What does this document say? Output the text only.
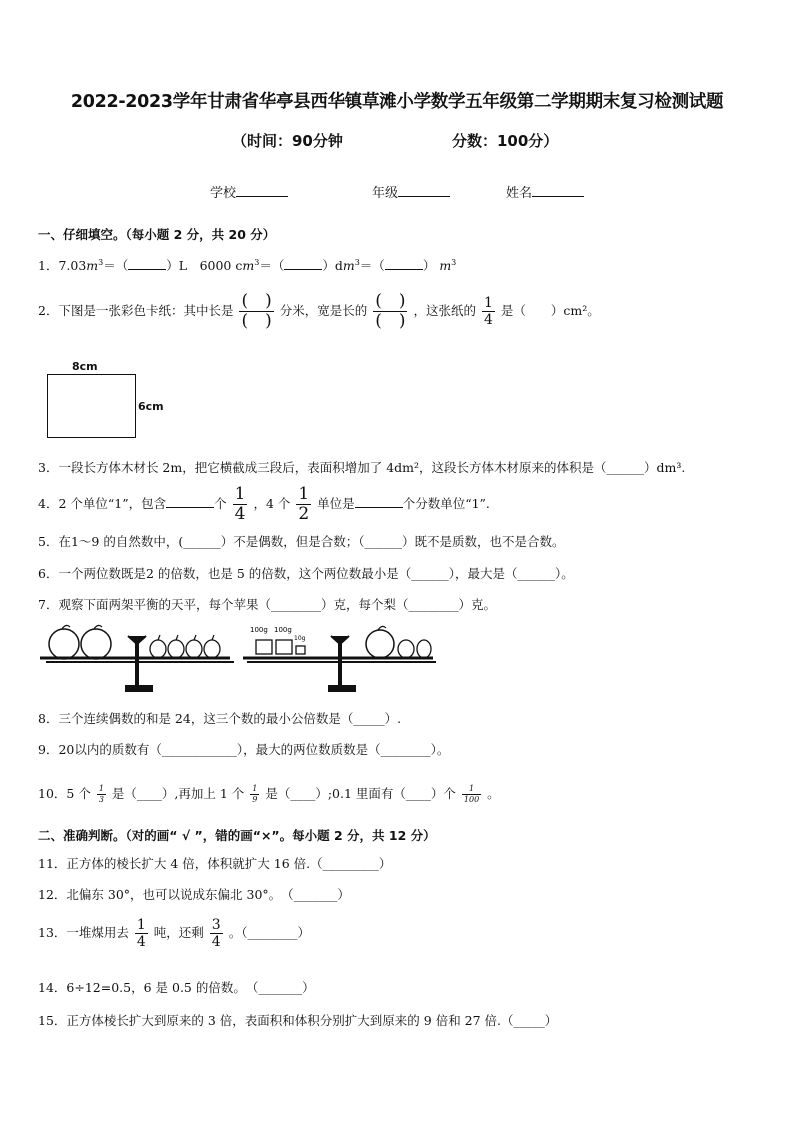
2022-2023学年甘肃省华亭县西华镇草滩小学数学五年级第二学期期末复习检测试题
（时间：90分钟	分数：100分）
学校	年级	姓名
一、仔细填空。（每小题 2 分，共 20 分）
1．$7.03m^3=$（	）L　6000 $cm^3=$（	）$dm^3=$（	） $m^3$
2．下图是一张彩色卡纸：其中长是 $\frac{( )}{( )}$ 分米，宽是长的 $\frac{( )}{( )}$ ，这张纸的 $\frac{1}{4}$ 是（　　）cm²。
8cm
6cm
3．一段长方体木材长 2m，把它横截成三段后，表面积增加了 4dm²，这段长方体木材原来的体积是（______）dm³.
4．2 个单位“1”，包含	个 $\frac{1}{4}$ ，4 个 $\frac{1}{2}$ 单位是	个分数单位“1”.
5．在1～9 的自然数中，(______）不是偶数，但是合数；（______）既不是质数，也不是合数。
6．一个两位数既是2 的倍数，也是 5 的倍数，这个两位数最小是（______），最大是（______）。
7．观察下面两架平衡的天平，每个苹果（________）克，每个梨（________）克。
100g 100g
10g
8．三个连续偶数的和是 24，这三个数的最小公倍数是（_____）.
9．20以内的质数有（____________），最大的两位数质数是（________）。
10．5 个 $\frac{1}{3}$ 是（____）,再加上 1 个 $\frac{1}{9}$ 是（____）;0.1 里面有（____）个 $\frac{1}{100}$ 。
二、准确判断。（对的画“ √ ”，错的画“×”。每小题 2 分，共 12 分）
11．正方体的棱长扩大 4 倍，体积就扩大 16 倍.（_________）
12．北偏东 30°，也可以说成东偏北 30°。　（_______）
13．一堆煤用去 $\frac{1}{4}$ 吨，还剩 $\frac{3}{4}$ 。（________）
14．6÷12=0.5，6 是 0.5 的倍数。　（_______）
15．正方体棱长扩大到原来的 3 倍，表面积和体积分别扩大到原来的 9 倍和 27 倍.（_____）
